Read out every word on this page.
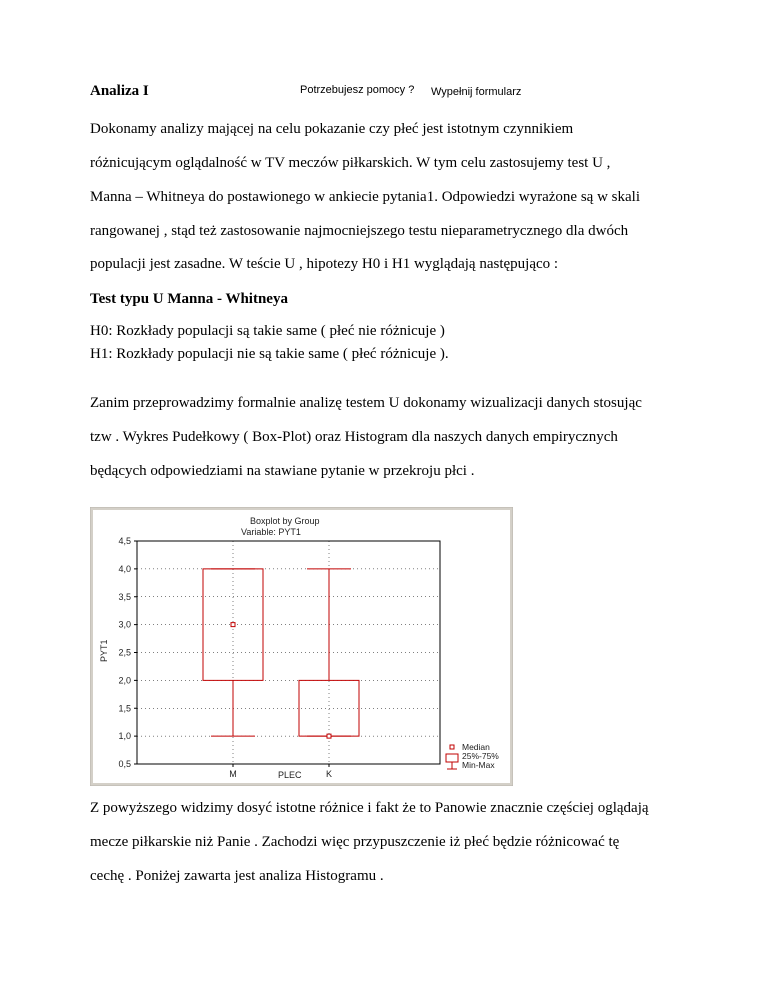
Analiza I	Potrzebujesz pomocy ? Wypełnij formularz
Dokonamy analizy mającej na celu pokazanie czy płeć jest istotnym czynnikiem
różnicującym oglądalność w TV meczów piłkarskich. W tym celu zastosujemy test U ,
Manna – Whitneya do postawionego w ankiecie pytania1. Odpowiedzi wyrażone są w skali
rangowanej , stąd też zastosowanie najmocniejszego testu nieparametrycznego dla dwóch
populacji jest zasadne. W teście U , hipotezy H0 i H1 wyglądają następująco :
Test typu U Manna - Whitneya
H0: Rozkłady populacji są takie same ( płeć nie różnicuje )
H1: Rozkłady populacji nie są takie same ( płeć różnicuje ).
Zanim przeprowadzimy formalnie analizę testem U dokonamy wizualizacji danych stosując
tzw . Wykres Pudełkowy ( Box-Plot) oraz Histogram dla naszych danych empirycznych
będących odpowiedziami na stawiane pytanie w przekroju płci .
4,5
4,0
3,5
3,0
2,5
2,0
1,5
1,0
0,5
M	K
Boxplot by Group
Variable: PYT1
PLEC
PYT1
Median
25%-75%
Min-Max
Z powyższego widzimy dosyć istotne różnice i fakt że to Panowie znacznie częściej oglądają
mecze piłkarskie niż Panie . Zachodzi więc przypuszczenie iż płeć będzie różnicować tę
cechę . Poniżej zawarta jest analiza Histogramu .
